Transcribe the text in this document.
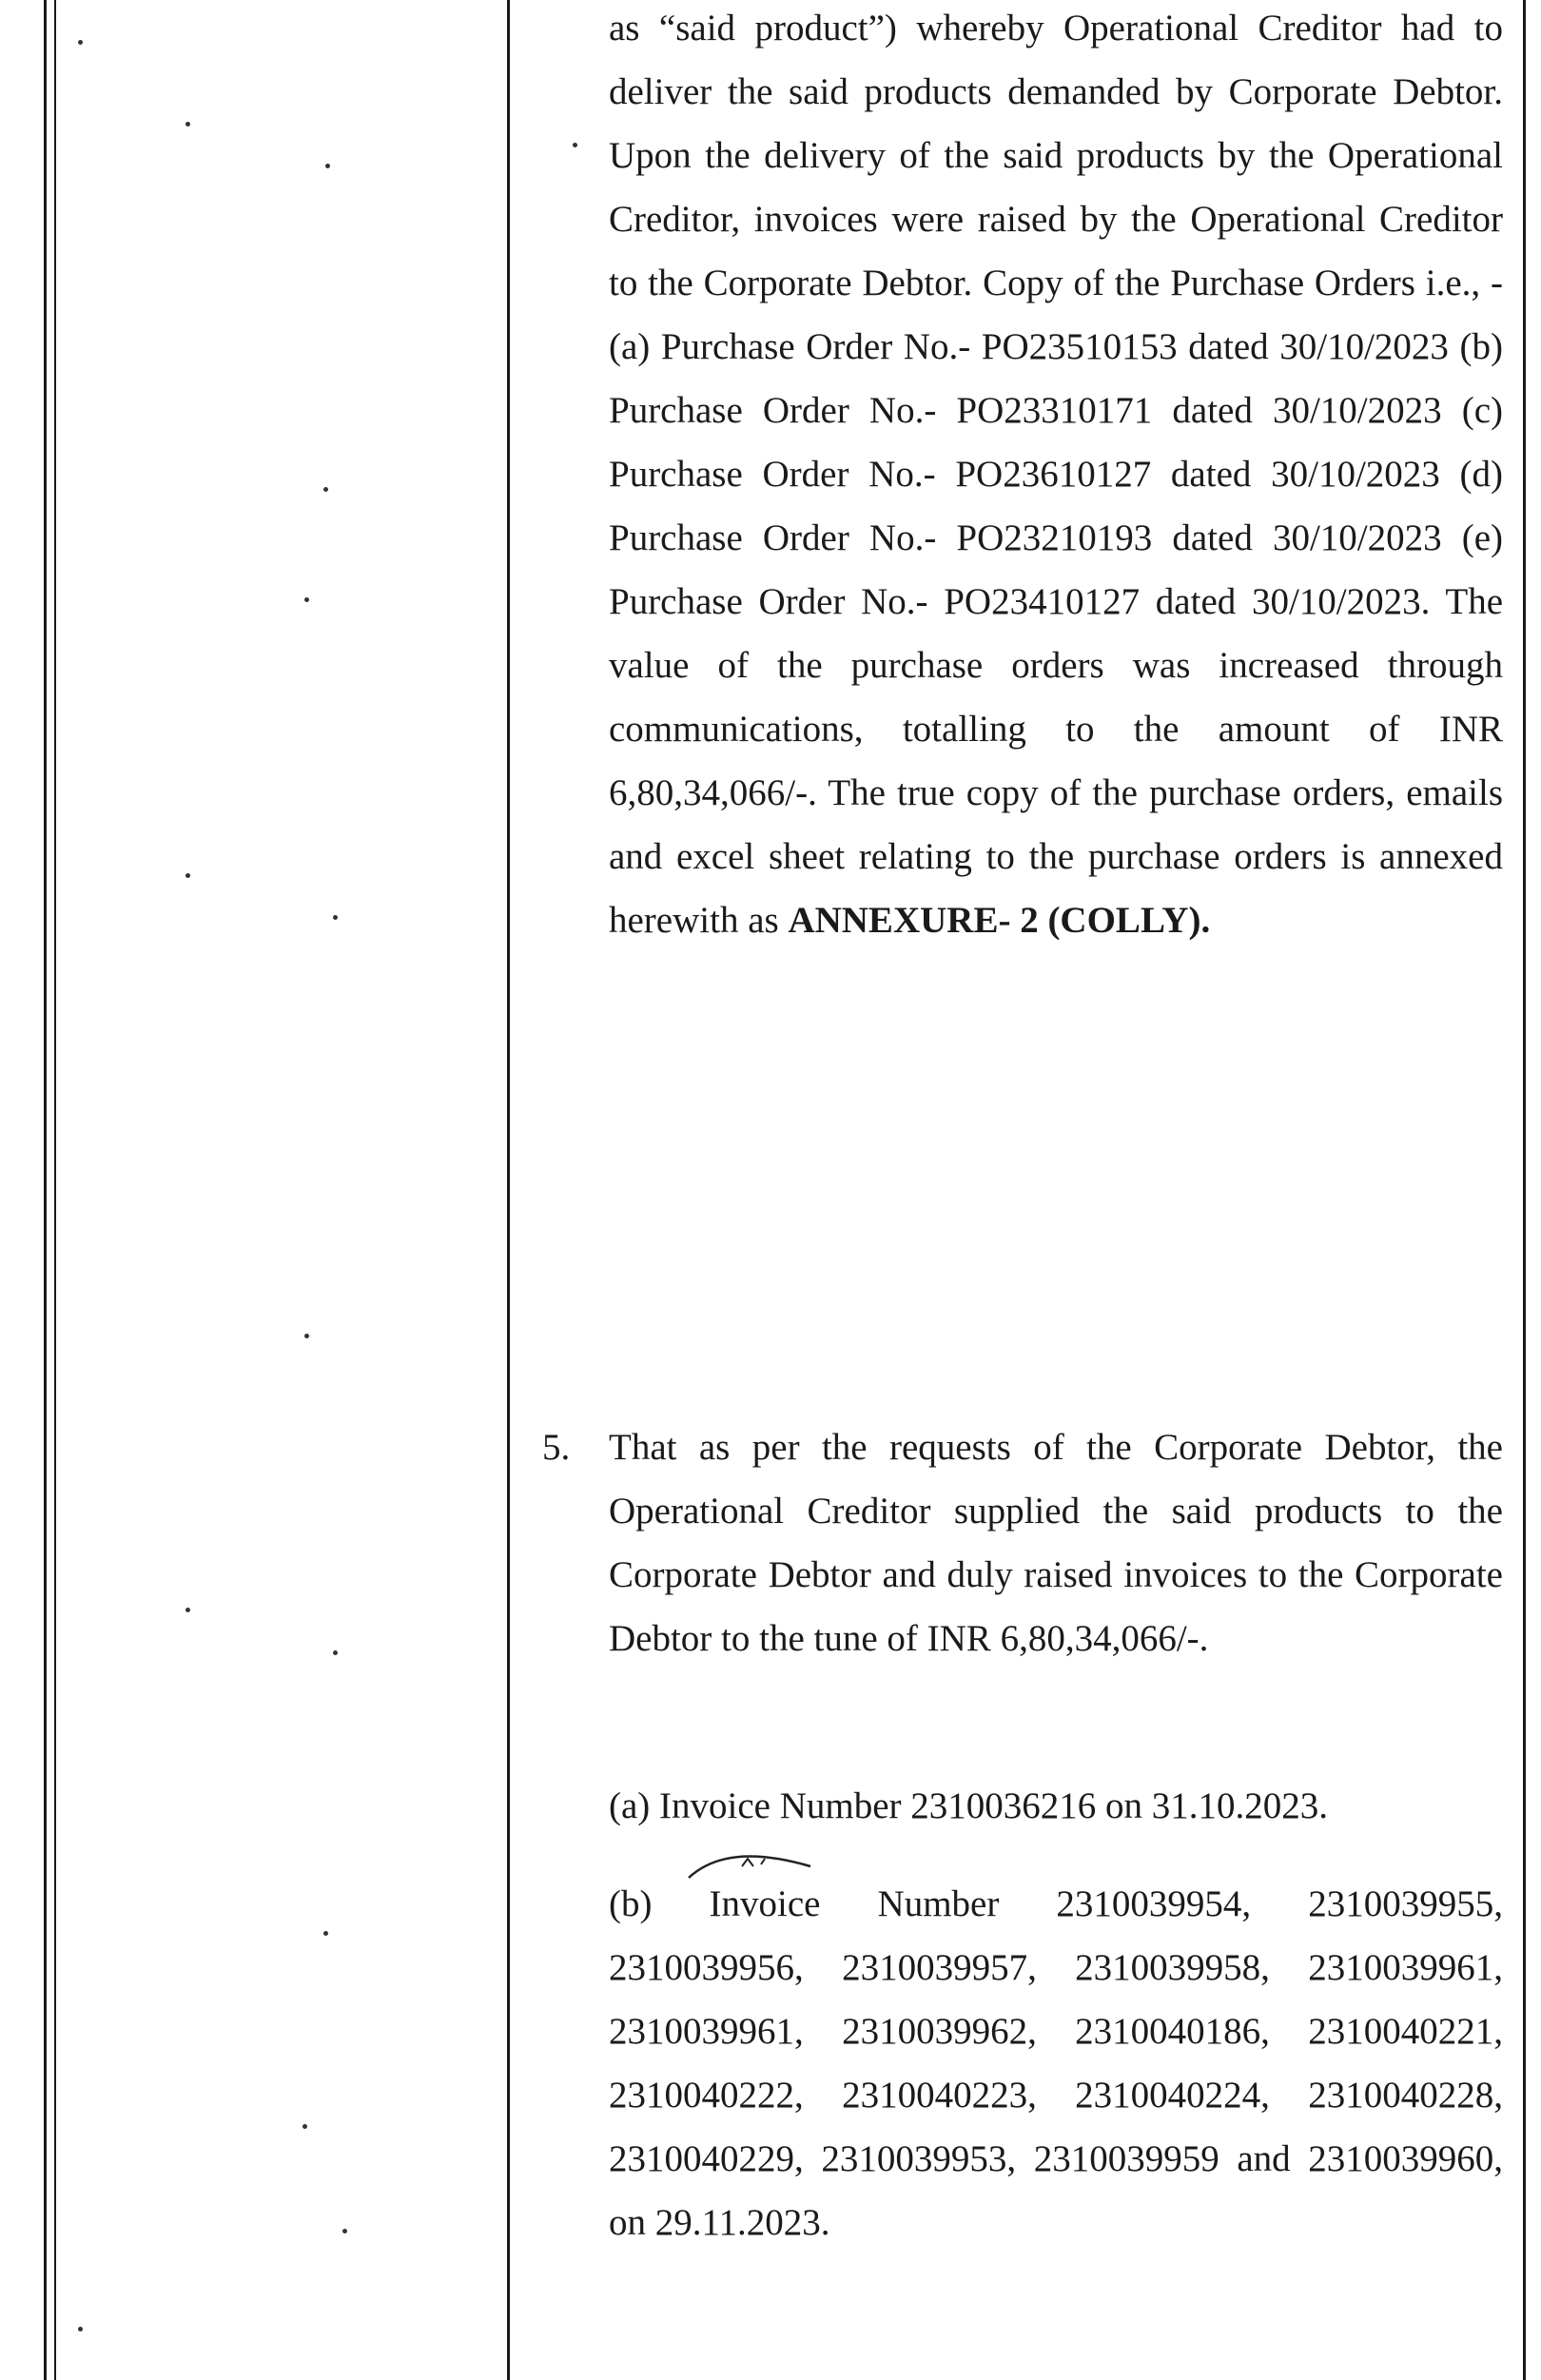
as “said product”) whereby Operational Creditor had to deliver the said products demanded by Corporate Debtor. Upon the delivery of the said products by the Operational Creditor, invoices were raised by the Operational Creditor to the Corporate Debtor. Copy of the Purchase Orders i.e., - (a) Purchase Order No.- PO23510153 dated 30/10/2023 (b) Purchase Order No.- PO23310171 dated 30/10/2023 (c) Purchase Order No.- PO23610127 dated 30/10/2023 (d) Purchase Order No.- PO23210193 dated 30/10/2023 (e) Purchase Order No.- PO23410127 dated 30/10/2023. The value of the purchase orders was increased through communications, totalling to the amount of INR 6,80,34,066/-. The true copy of the purchase orders, emails and excel sheet relating to the purchase orders is annexed herewith as ANNEXURE- 2 (COLLY).

5. That as per the requests of the Corporate Debtor, the Operational Creditor supplied the said products to the Corporate Debtor and duly raised invoices to the Corporate Debtor to the tune of INR 6,80,34,066/-.

(a) Invoice Number 2310036216 on 31.10.2023.

(b) Invoice Number 2310039954, 2310039955, 2310039956, 2310039957, 2310039958, 2310039961, 2310039961, 2310039962, 2310040186, 2310040221, 2310040222, 2310040223, 2310040224, 2310040228, 2310040229, 2310039953, 2310039959 and 2310039960, on 29.11.2023.
